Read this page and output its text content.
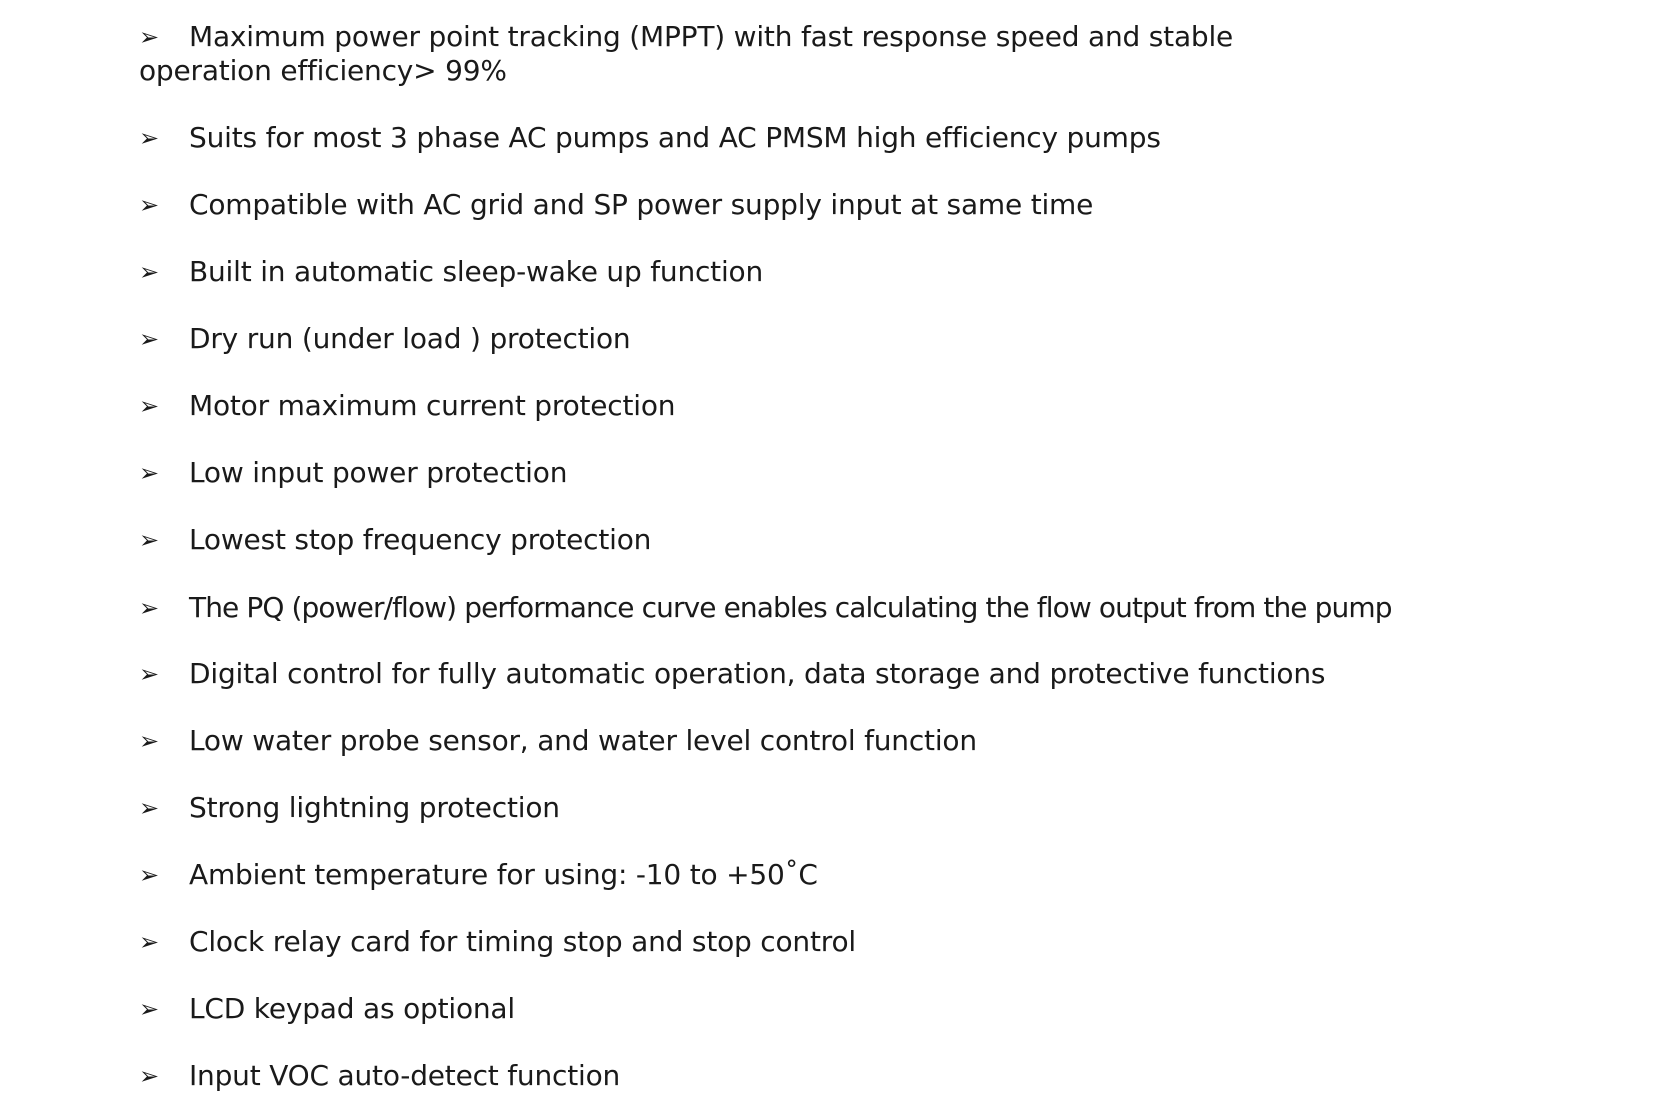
➢ Maximum power point tracking (MPPT) with fast response speed and stable operation efficiency> 99%
➢ Suits for most 3 phase AC pumps and AC PMSM high efficiency pumps
➢ Compatible with AC grid and SP power supply input at same time
➢ Built in automatic sleep-wake up function
➢ Dry run (under load ) protection
➢ Motor maximum current protection
➢ Low input power protection
➢ Lowest stop frequency protection
➢ The PQ (power/flow) performance curve enables calculating the flow output from the pump
➢ Digital control for fully automatic operation, data storage and protective functions
➢ Low water probe sensor, and water level control function
➢ Strong lightning protection
➢ Ambient temperature for using: -10 to +50˚C
➢ Clock relay card for timing stop and stop control
➢ LCD keypad as optional
➢ Input VOC auto-detect function
